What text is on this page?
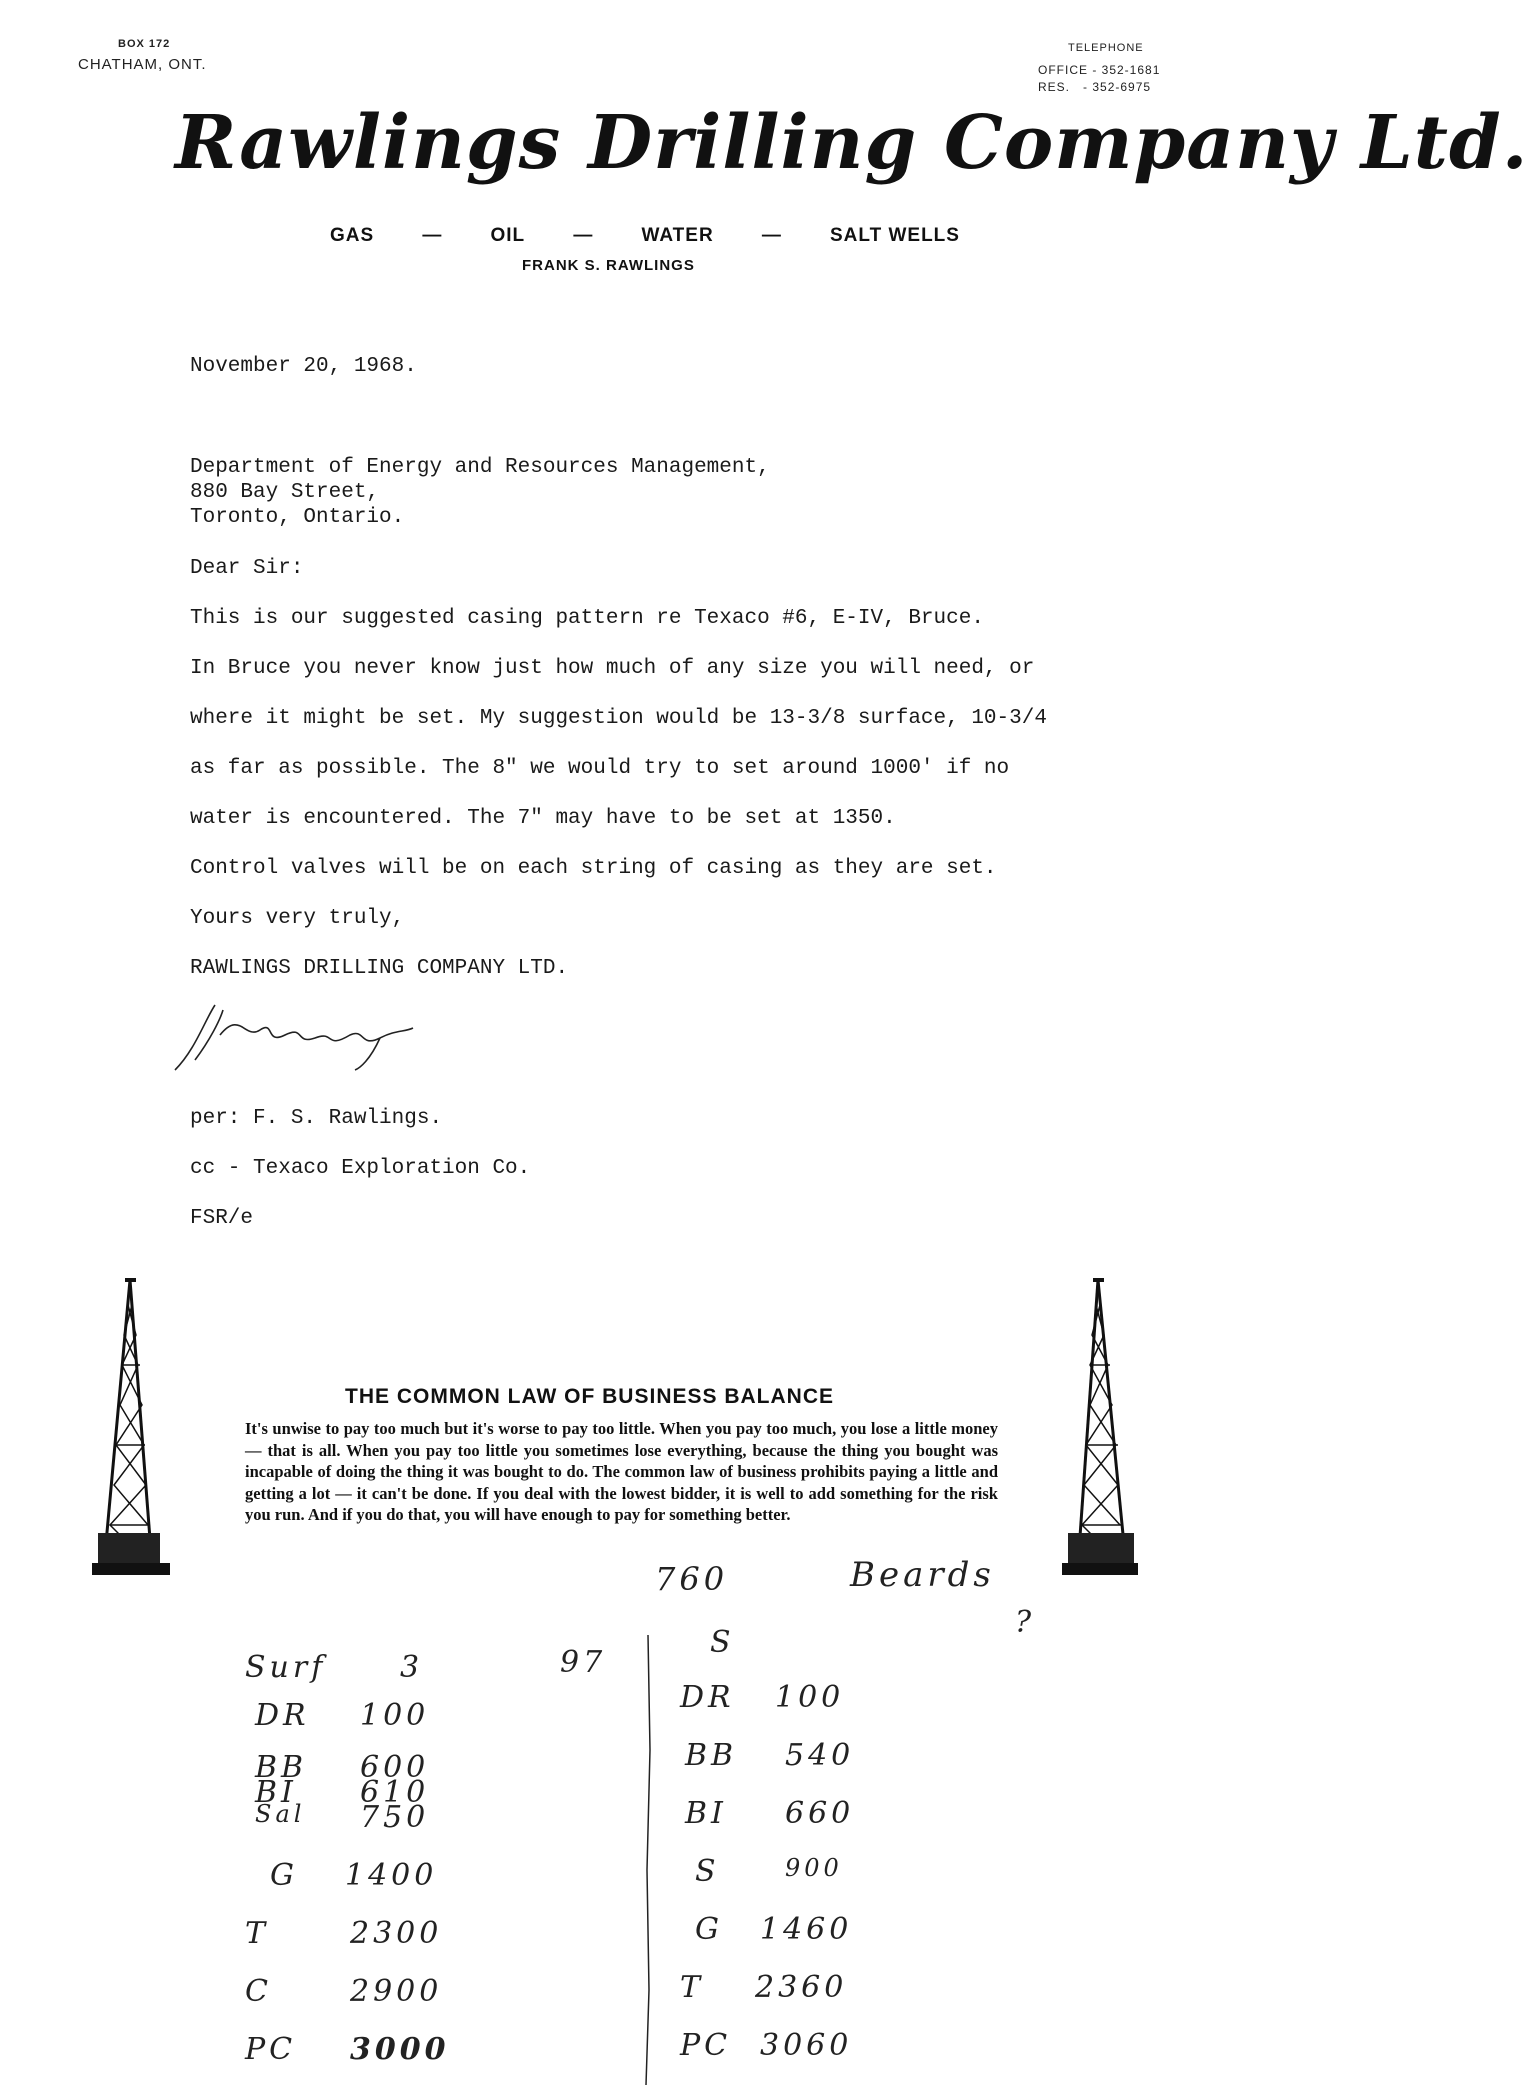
BOX 172
CHATHAM, ONT.
TELEPHONE
OFFICE - 352-1681
RES.   - 352-6975
Rawlings Drilling Company Ltd.
GAS	—	OIL	—	WATER	—	SALT WELLS
FRANK S. RAWLINGS
November 20, 1968.
Department of Energy and Resources Management,
880 Bay Street,
Toronto, Ontario.
Dear Sir:
This is our suggested casing pattern re Texaco #6, E-IV, Bruce.
In Bruce you never know just how much of any size you will need, or
where it might be set. My suggestion would be 13-3/8 surface, 10-3/4
as far as possible. The 8" we would try to set around 1000' if no
water is encountered. The 7" may have to be set at 1350.
Control valves will be on each string of casing as they are set.
Yours very truly,
RAWLINGS DRILLING COMPANY LTD.
per: F. S. Rawlings.
cc - Texaco Exploration Co.
FSR/e
THE COMMON LAW OF BUSINESS BALANCE
It's unwise to pay too much but it's worse to pay too little. When you pay too much, you lose a little money — that is all. When you pay too little you sometimes lose everything, because the thing you bought was incapable of doing the thing it was bought to do. The common law of business prohibits paying a little and getting a lot — it can't be done. If you deal with the lowest bidder, it is well to add something for the risk you run. And if you do that, you will have enough to pay for something better.
760	Beards
?
97
Surf 3
DR 100
BB 600
BI 610
Sal 750
G 1400
T	2300
C	2900
PC 3000
S
DR 100
BB 540
BI 660
S	900
G 1460
T 2360
PC 3060
